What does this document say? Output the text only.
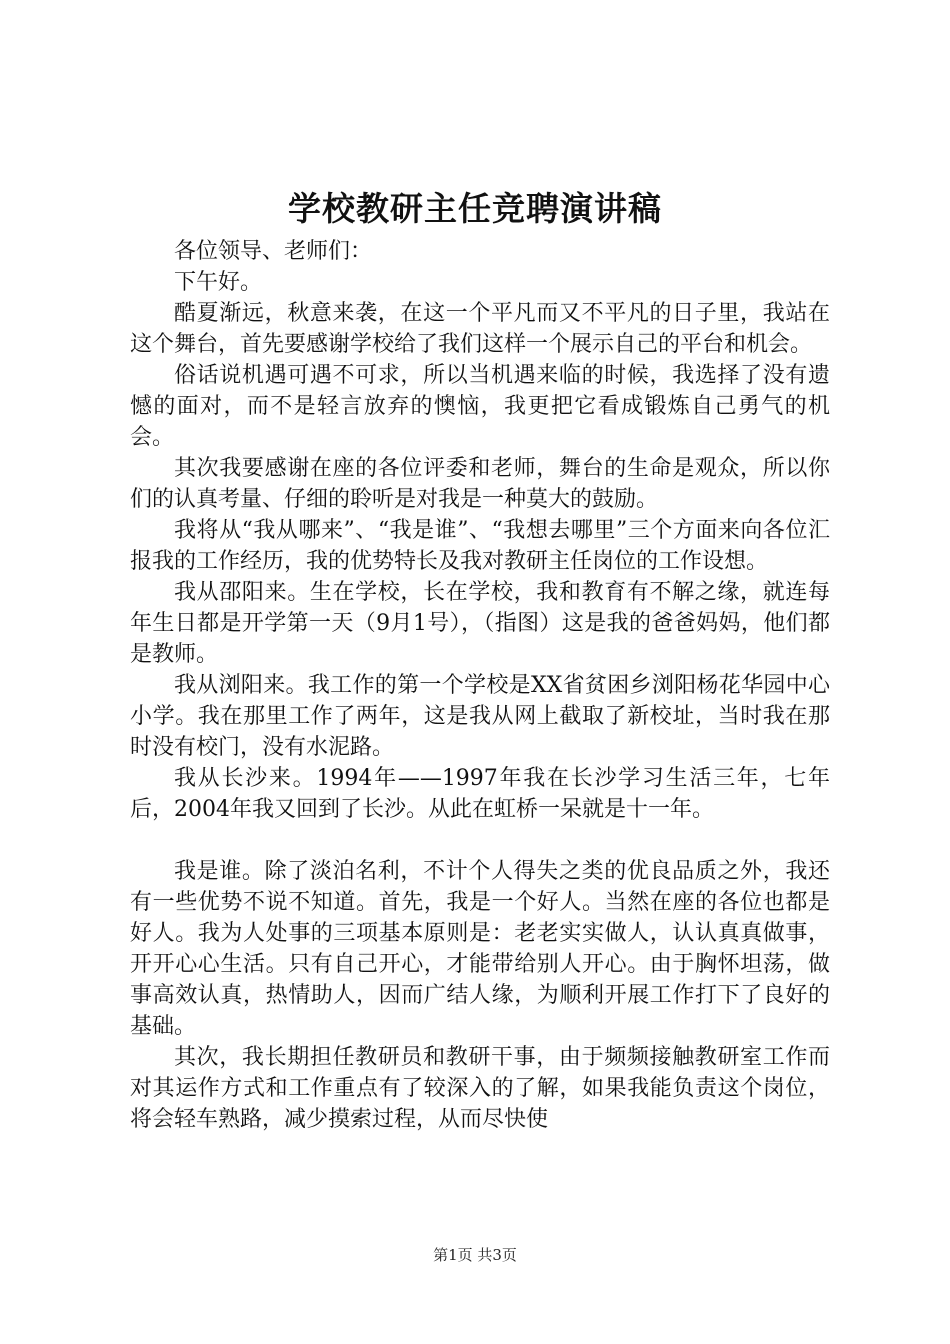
学校教研主任竞聘演讲稿

各位领导、老师们：

下午好。

酷夏渐远，秋意来袭，在这一个平凡而又不平凡的日子里，我站在这个舞台，首先要感谢学校给了我们这样一个展示自己的平台和机会。

俗话说机遇可遇不可求，所以当机遇来临的时候，我选择了没有遗憾的面对，而不是轻言放弃的懊恼，我更把它看成锻炼自己勇气的机会。

其次我要感谢在座的各位评委和老师，舞台的生命是观众，所以你们的认真考量、仔细的聆听是对我是一种莫大的鼓励。

我将从“我从哪来”、“我是谁”、“我想去哪里”三个方面来向各位汇报我的工作经历，我的优势特长及我对教研主任岗位的工作设想。

我从邵阳来。生在学校，长在学校，我和教育有不解之缘，就连每年生日都是开学第一天（9月1号），（指图）这是我的爸爸妈妈，他们都是教师。

我从浏阳来。我工作的第一个学校是XX省贫困乡浏阳杨花华园中心小学。我在那里工作了两年，这是我从网上截取了新校址，当时我在那时没有校门，没有水泥路。

我从长沙来。1994年——1997年我在长沙学习生活三年，七年后，2004年我又回到了长沙。从此在虹桥一呆就是十一年。

我是谁。除了淡泊名利，不计个人得失之类的优良品质之外，我还有一些优势不说不知道。首先，我是一个好人。当然在座的各位也都是好人。我为人处事的三项基本原则是：老老实实做人，认认真真做事，开开心心生活。只有自己开心，才能带给别人开心。由于胸怀坦荡，做事高效认真，热情助人，因而广结人缘，为顺利开展工作打下了良好的基础。

其次，我长期担任教研员和教研干事，由于频频接触教研室工作而对其运作方式和工作重点有了较深入的了解，如果我能负责这个岗位，将会轻车熟路，减少摸索过程，从而尽快使

第1页 共3页
